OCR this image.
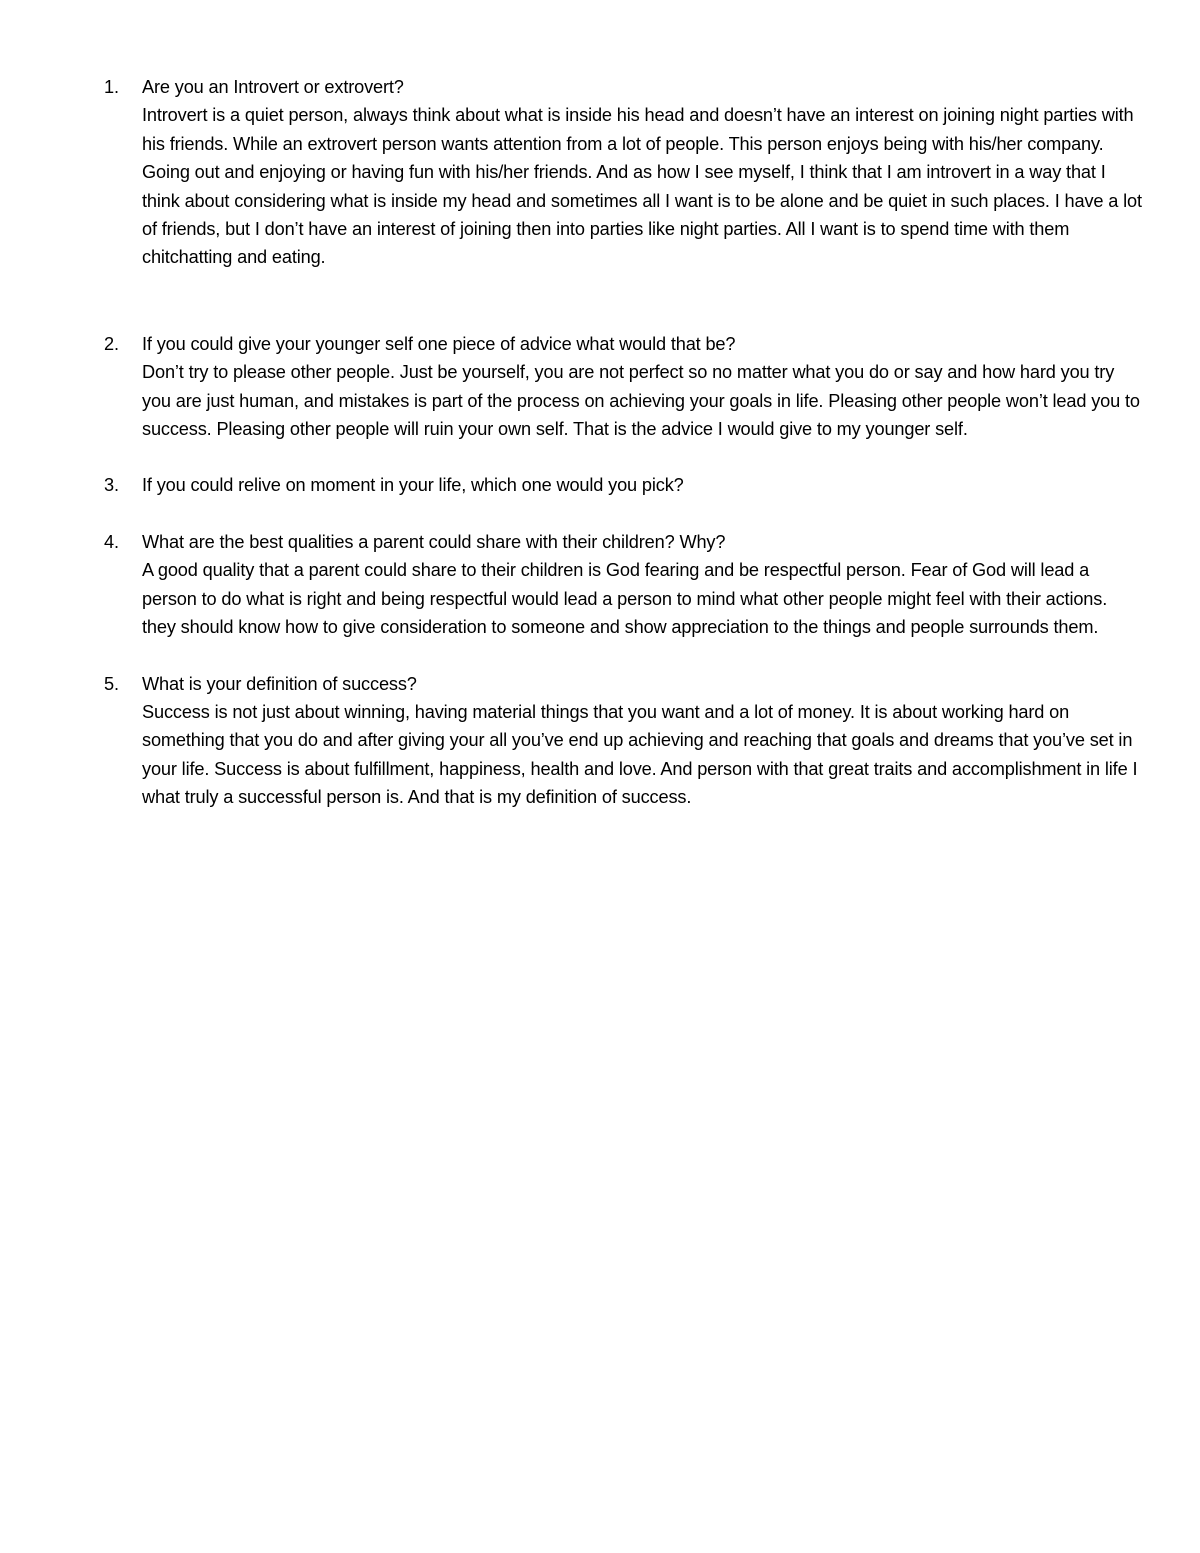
1.	Are you an Introvert or extrovert?
Introvert is a quiet person, always think about what is inside his head and doesn’t have an interest on joining night parties with his friends. While an extrovert person wants attention from a lot of people. This person enjoys being with his/her company. Going out and enjoying or having fun with his/her friends. And as how I see myself, I think that I am introvert in a way that I think about considering what is inside my head and sometimes all I want is to be alone and be quiet in such places. I have a lot of friends, but I don’t have an interest of joining then into parties like night parties. All I want is to spend time with them chitchatting and eating.
2.	If you could give your younger self one piece of advice what would that be?
Don’t try to please other people. Just be yourself, you are not perfect so no matter what you do or say and how hard you try you are just human, and mistakes is part of the process on achieving your goals in life. Pleasing other people won’t lead you to success. Pleasing other people will ruin your own self. That is the advice I would give to my younger self.
3.	If you could relive on moment in your life, which one would you pick?
4.	What are the best qualities a parent could share with their children? Why?
A good quality that a parent could share to their children is God fearing and be respectful person. Fear of God will lead a person to do what is right and being respectful would lead a person to mind what other people might feel with their actions. they should know how to give consideration to someone and show appreciation to the things and people surrounds them.
5.	What is your definition of success?
Success is not just about winning, having material things that you want and a lot of money. It is about working hard on something that you do and after giving your all you’ve end up achieving and reaching that goals and dreams that you’ve set in your life. Success is about fulfillment, happiness, health and love. And person with that great traits and accomplishment in life I what truly a successful person is. And that is my definition of success.
